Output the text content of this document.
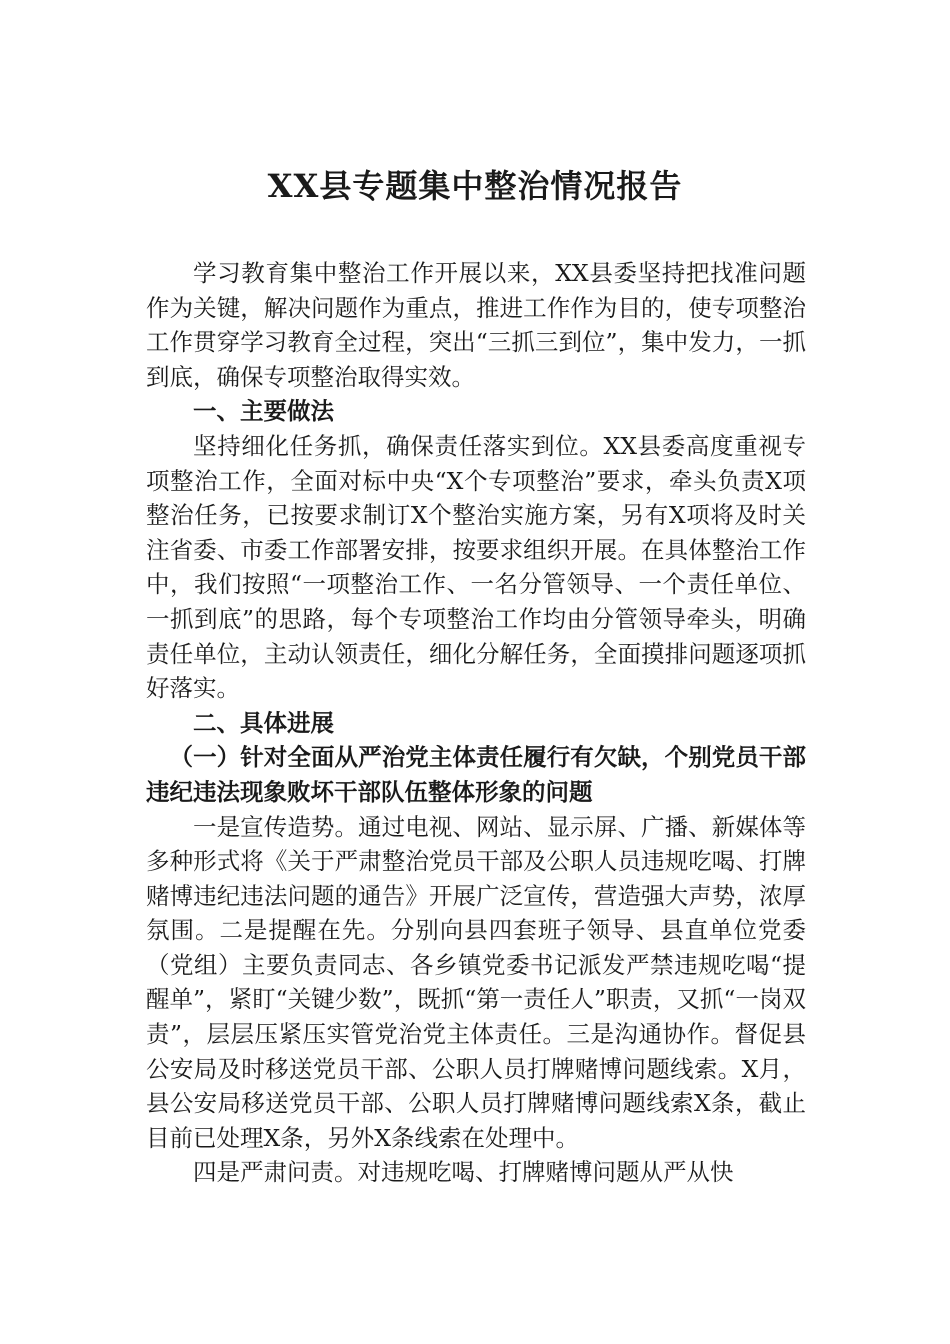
XX县专题集中整治情况报告

学习教育集中整治工作开展以来，XX县委坚持把找准问题作为关键，解决问题作为重点，推进工作作为目的，使专项整治工作贯穿学习教育全过程，突出“三抓三到位”，集中发力，一抓到底，确保专项整治取得实效。

一、主要做法

坚持细化任务抓，确保责任落实到位。XX县委高度重视专项整治工作，全面对标中央“X个专项整治”要求，牵头负责X项整治任务，已按要求制订X个整治实施方案，另有X项将及时关注省委、市委工作部署安排，按要求组织开展。在具体整治工作中，我们按照“一项整治工作、一名分管领导、一个责任单位、一抓到底”的思路，每个专项整治工作均由分管领导牵头，明确责任单位，主动认领责任，细化分解任务，全面摸排问题逐项抓好落实。

二、具体进展

（一）针对全面从严治党主体责任履行有欠缺，个别党员干部违纪违法现象败坏干部队伍整体形象的问题

一是宣传造势。通过电视、网站、显示屏、广播、新媒体等多种形式将《关于严肃整治党员干部及公职人员违规吃喝、打牌赌博违纪违法问题的通告》开展广泛宣传，营造强大声势，浓厚氛围。二是提醒在先。分别向县四套班子领导、县直单位党委（党组）主要负责同志、各乡镇党委书记派发严禁违规吃喝“提醒单”，紧盯“关键少数”，既抓“第一责任人”职责，又抓“一岗双责”，层层压紧压实管党治党主体责任。三是沟通协作。督促县公安局及时移送党员干部、公职人员打牌赌博问题线索。X月，县公安局移送党员干部、公职人员打牌赌博问题线索X条，截止目前已处理X条，另外X条线索在处理中。

四是严肃问责。对违规吃喝、打牌赌博问题从严从快
